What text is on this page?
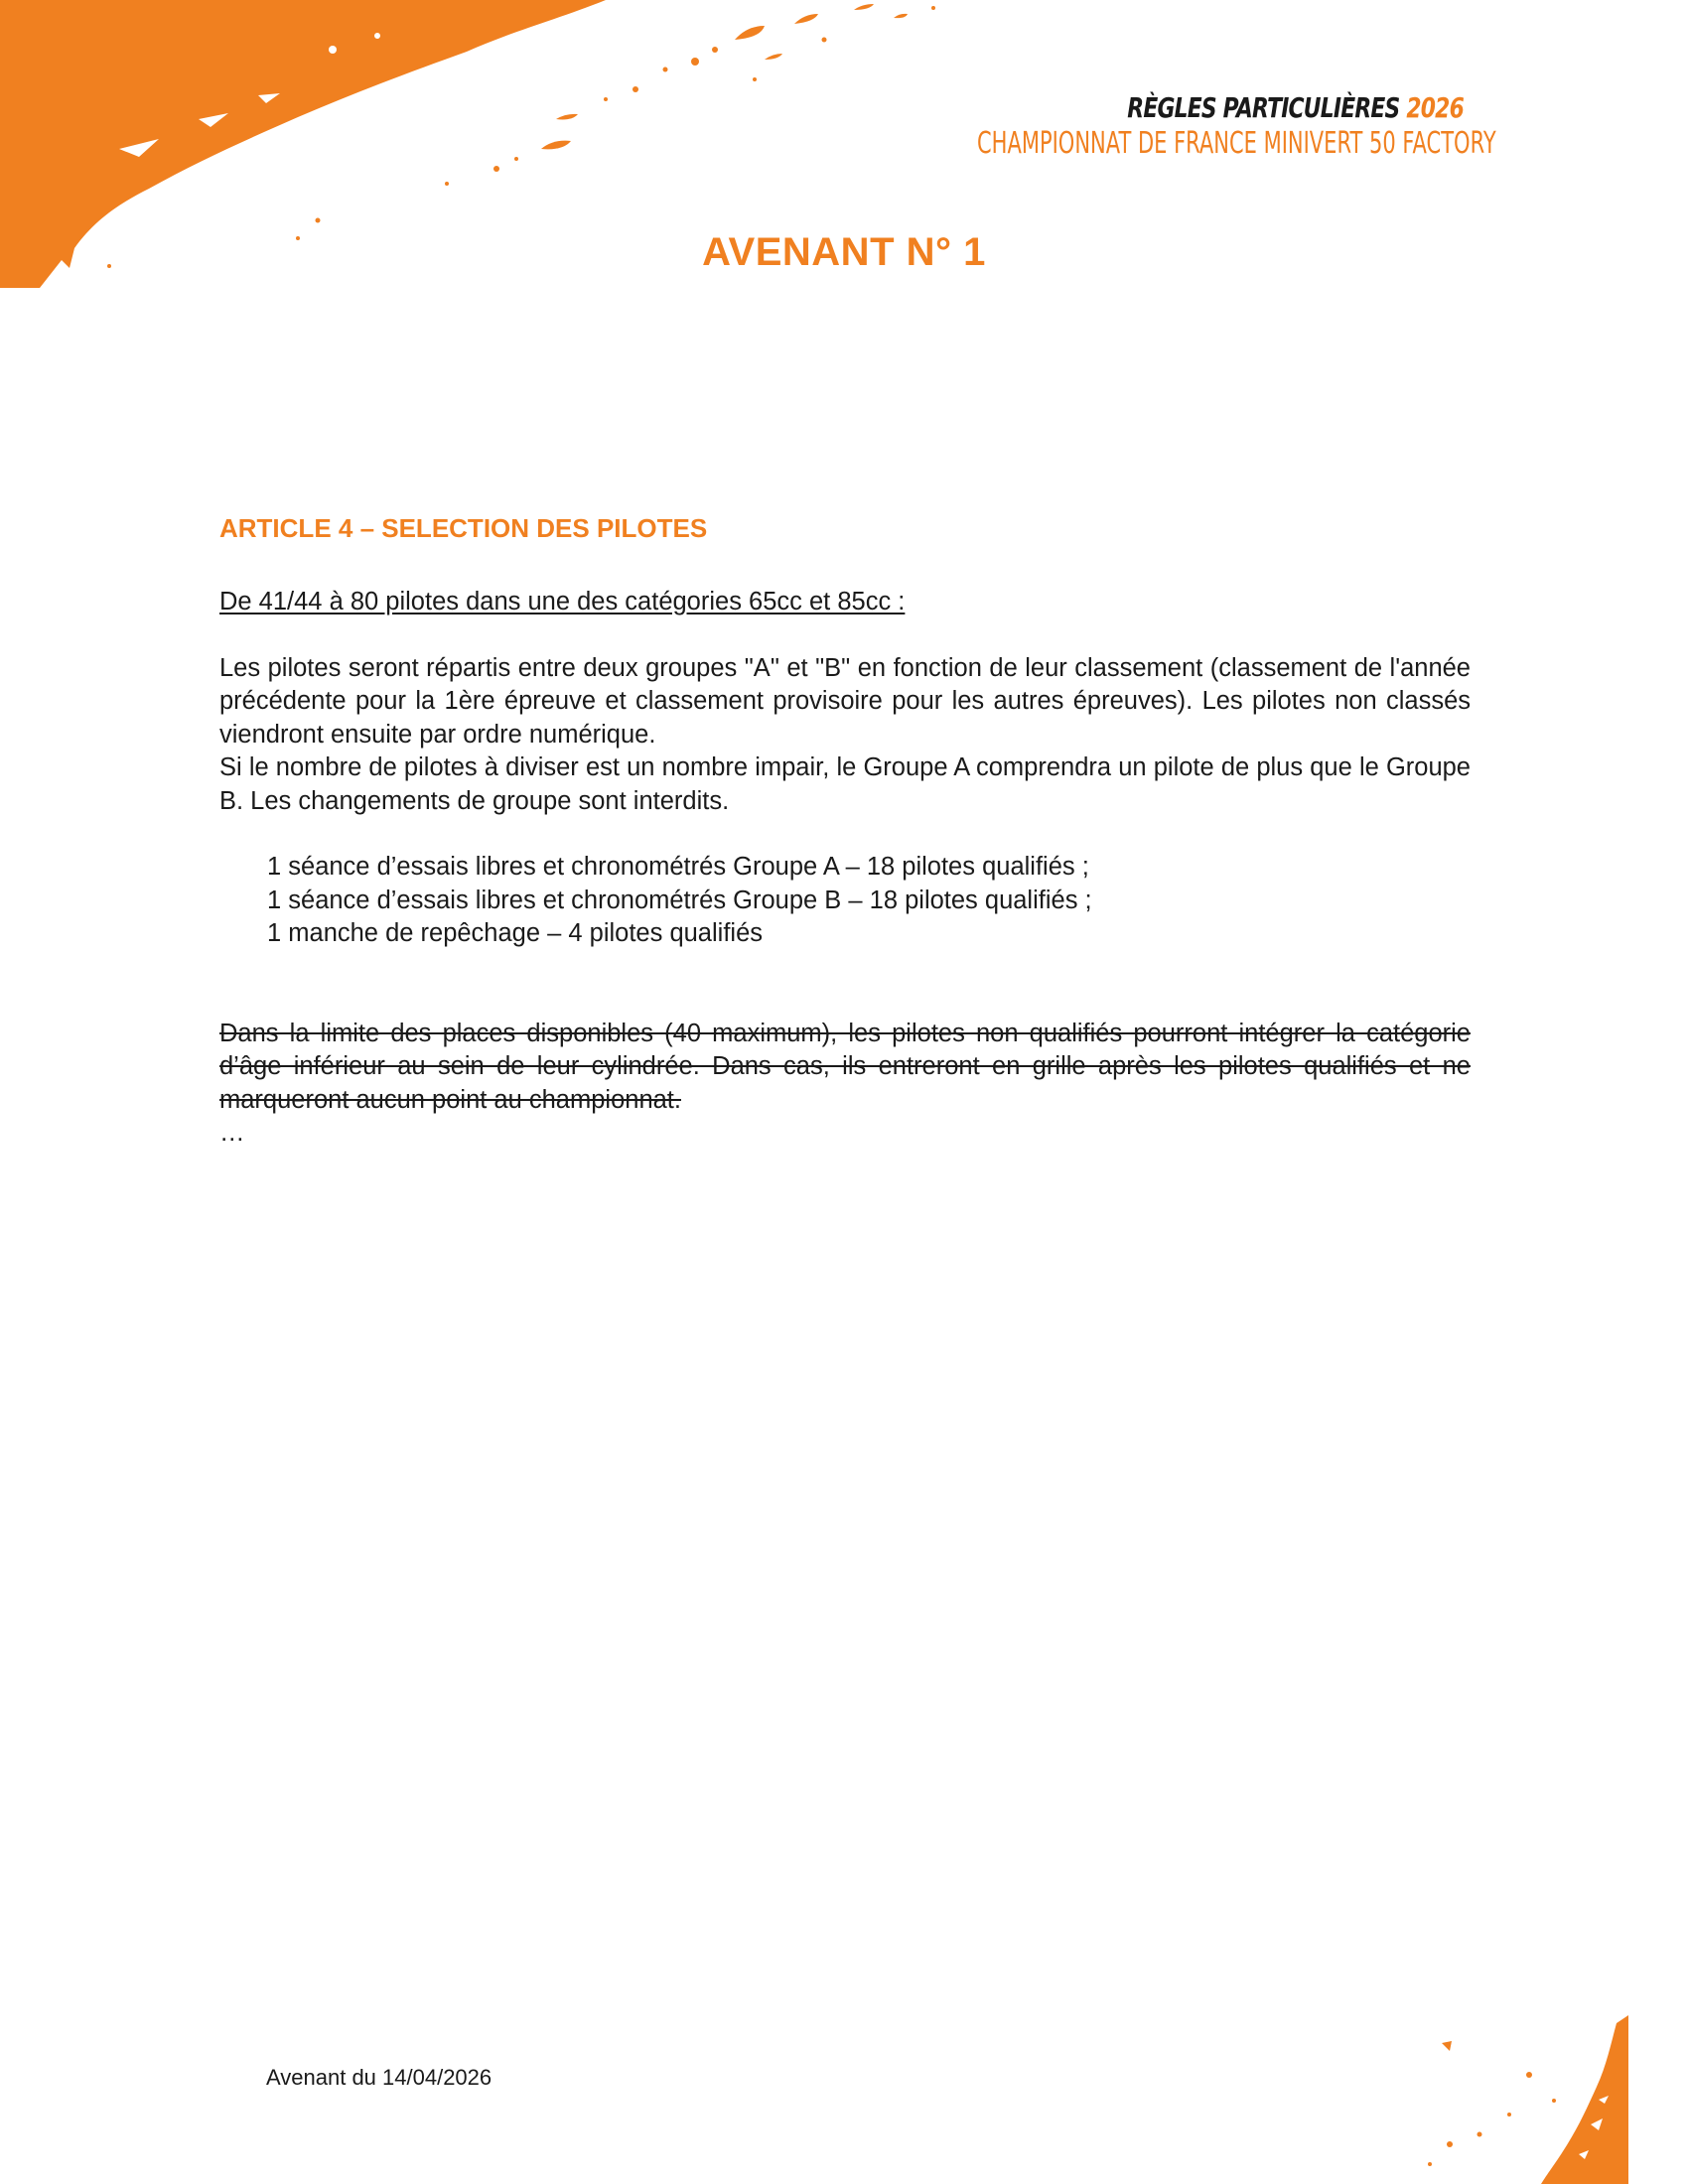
RÈGLES PARTICULIÈRES 2026
CHAMPIONNAT DE FRANCE MINIVERT 50 FACTORY
AVENANT N° 1
ARTICLE 4 – SELECTION DES PILOTES
De 41/44 à 80 pilotes dans une des catégories 65cc et 85cc :
Les pilotes seront répartis entre deux groupes "A" et "B" en fonction de leur classement (classement de l'année précédente pour la 1ère épreuve et classement provisoire pour les autres épreuves). Les pilotes non classés viendront ensuite par ordre numérique.
Si le nombre de pilotes à diviser est un nombre impair, le Groupe A comprendra un pilote de plus que le Groupe B. Les changements de groupe sont interdits.
1 séance d’essais libres et chronométrés Groupe A – 18 pilotes qualifiés ;
1 séance d’essais libres et chronométrés Groupe B – 18 pilotes qualifiés ;
1 manche de repêchage – 4 pilotes qualifiés
Dans la limite des places disponibles (40 maximum), les pilotes non qualifiés pourront intégrer la catégorie d’âge inférieur au sein de leur cylindrée. Dans cas, ils entreront en grille après les pilotes qualifiés et ne marqueront aucun point au championnat.
…
Avenant du 14/04/2026
